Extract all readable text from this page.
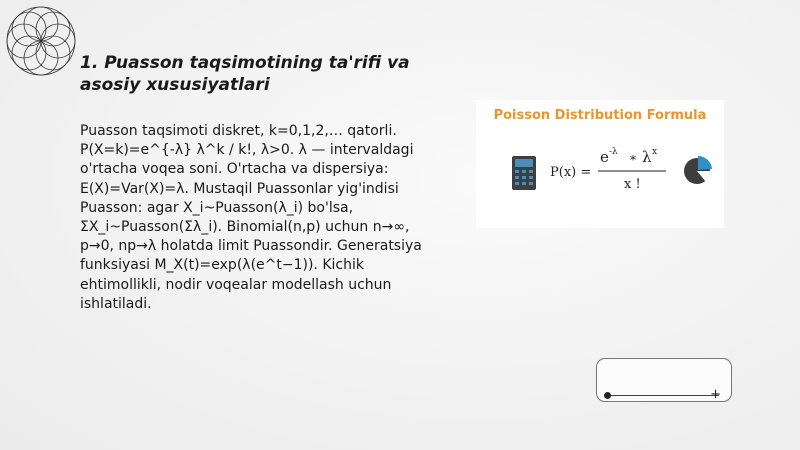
1. Puasson taqsimotining ta'rifi va asosiy xususiyatlari

Puasson taqsimoti diskret, k=0,1,2,… qatorli.
P(X=k)=e^{-λ} λ^k / k!, λ>0. λ — intervaldagi o'rtacha voqea soni. O'rtacha va dispersiya: E(X)=Var(X)=λ. Mustaqil Puassonlar yig'indisi Puasson: agar X_i~Puasson(λ_i) bo'lsa, ΣX_i~Puasson(Σλ_i). Binomial(n,p) uchun n→∞, p→0, np→λ holatda limit Puassondir. Generatsiya funksiyasi M_X(t)=exp(λ(e^t−1)). Kichik ehtimollikli, nodir voqealar modellash uchun ishlatiladi.

Poisson Distribution Formula
P(x) =
e -λ
* λ x
x !
+
